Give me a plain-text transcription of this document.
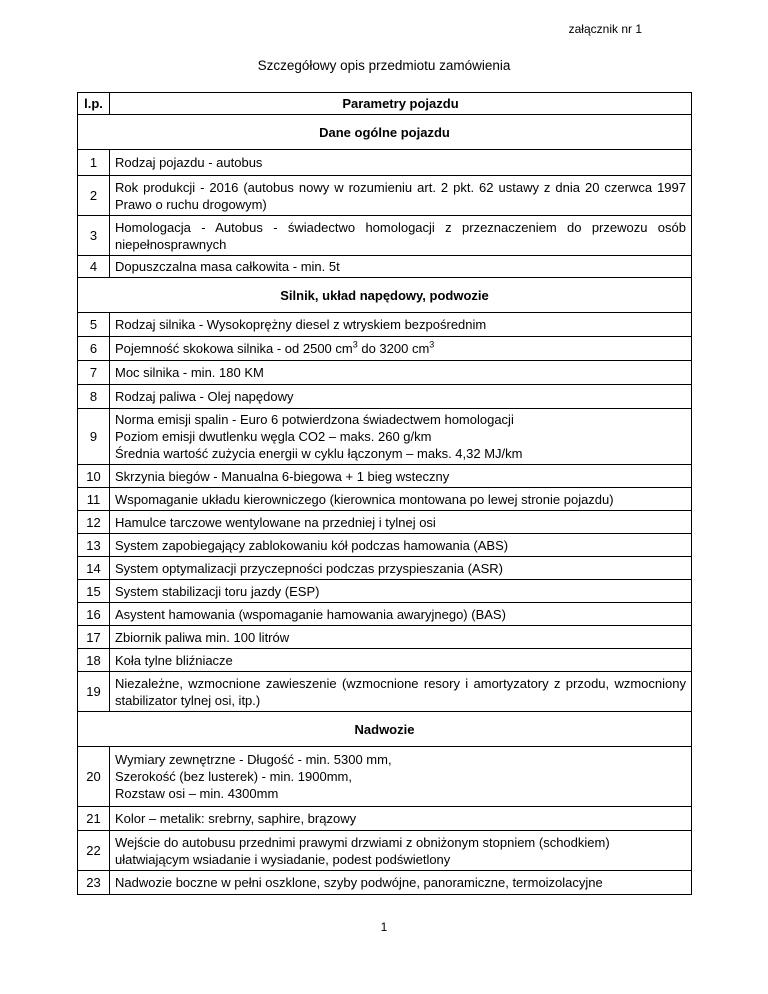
załącznik nr 1
Szczegółowy opis przedmiotu zamówienia
l.p.	Parametry pojazdu
Dane ogólne pojazdu	
1	Rodzaj pojazdu - autobus
2	Rok produkcji - 2016 (autobus nowy w rozumieniu art. 2 pkt. 62 ustawy z dnia 20 czerwca 1997 Prawo o ruchu drogowym)
3	Homologacja - Autobus - świadectwo homologacji z przeznaczeniem do przewozu osób niepełnosprawnych
4	Dopuszczalna masa całkowita - min. 5t
Silnik, układ napędowy, podwozie	
5	Rodzaj silnika - Wysokoprężny diesel z wtryskiem bezpośrednim
6	Pojemność skokowa silnika - od 2500 $cm^3$ do 3200 $cm^3$
7	Moc silnika - min. 180 KM
8	Rodzaj paliwa - Olej napędowy
9	Norma emisji spalin - Euro 6 potwierdzona świadectwem homologacji
Poziom emisji dwutlenku węgla CO2 – maks. 260 g/km
Średnia wartość zużycia energii w cyklu łączonym – maks. 4,32 MJ/km

10	Skrzynia biegów - Manualna 6-biegowa + 1 bieg wsteczny
11	Wspomaganie układu kierowniczego (kierownica montowana po lewej stronie pojazdu)
12	Hamulce tarczowe wentylowane na przedniej i tylnej osi
13	System zapobiegający zablokowaniu kół podczas hamowania (ABS)
14	System optymalizacji przyczepności podczas przyspieszania (ASR)
15	System stabilizacji toru jazdy (ESP)
16	Asystent hamowania (wspomaganie hamowania awaryjnego) (BAS)
17	Zbiornik paliwa min. 100 litrów
18	Koła tylne bliźniacze
19	Niezależne, wzmocnione zawieszenie (wzmocnione resory i amortyzatory z przodu, wzmocniony stabilizator tylnej osi, itp.)
Nadwozie	
20	Wymiary zewnętrzne - Długość - min. 5300 mm,
Szerokość (bez lusterek) - min. 1900mm,
Rozstaw osi – min. 4300mm

21	Kolor – metalik: srebrny, saphire, brązowy
22	Wejście do autobusu przednimi prawymi drzwiami z obniżonym stopniem (schodkiem) ułatwiającym wsiadanie i wysiadanie, podest podświetlony
23	Nadwozie boczne w pełni oszklone, szyby podwójne, panoramiczne, termoizolacyjne
1
